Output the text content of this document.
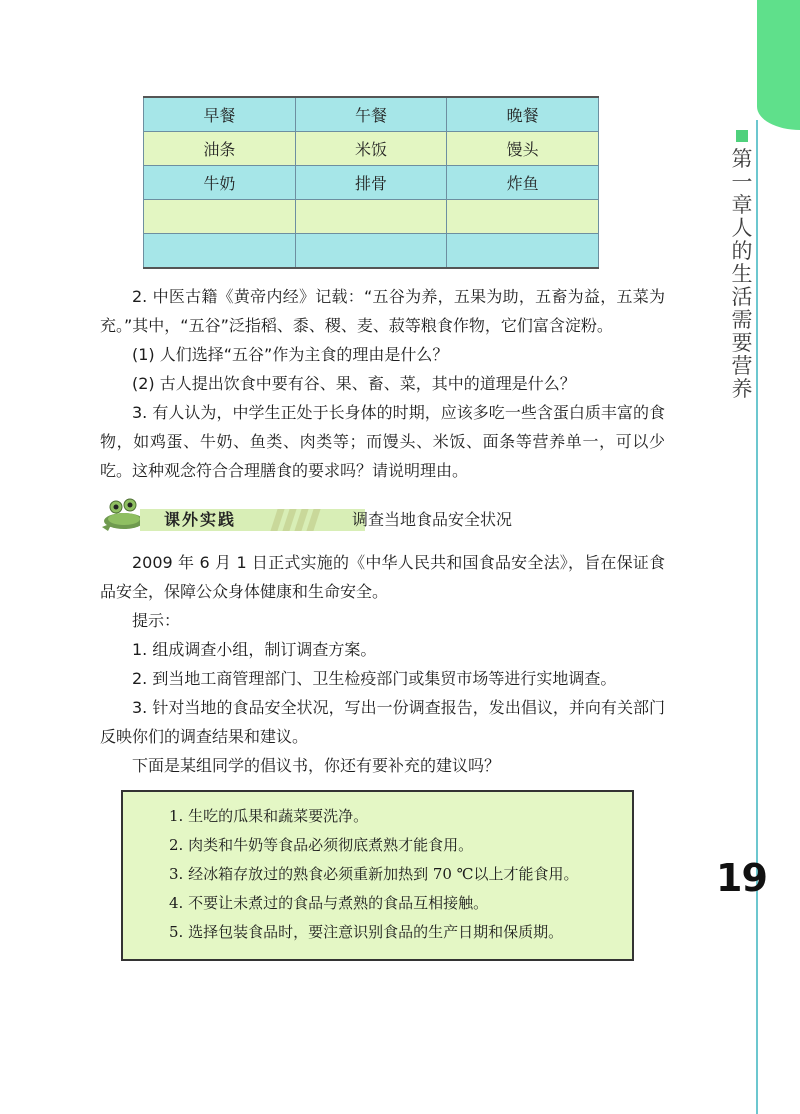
第一章 人的生活需要营养
19
早餐	午餐	晚餐
油条	米饭	馒头
牛奶	排骨	炸鱼

2. 中医古籍《黄帝内经》记载：“五谷为养，五果为助，五畜为益，五菜为充。”其中，“五谷”泛指稻、黍、稷、麦、菽等粮食作物，它们富含淀粉。
(1) 人们选择“五谷”作为主食的理由是什么？
(2) 古人提出饮食中要有谷、果、畜、菜，其中的道理是什么？
3. 有人认为，中学生正处于长身体的时期，应该多吃一些含蛋白质丰富的食物，如鸡蛋、牛奶、鱼类、肉类等；而馒头、米饭、面条等营养单一，可以少吃。这种观念符合合理膳食的要求吗？请说明理由。
课外实践	调查当地食品安全状况
2009 年 6 月 1 日正式实施的《中华人民共和国食品安全法》，旨在保证食品安全，保障公众身体健康和生命安全。
提示：
1. 组成调查小组，制订调查方案。
2. 到当地工商管理部门、卫生检疫部门或集贸市场等进行实地调查。
3. 针对当地的食品安全状况，写出一份调查报告，发出倡议，并向有关部门反映你们的调查结果和建议。
下面是某组同学的倡议书，你还有要补充的建议吗？
1. 生吃的瓜果和蔬菜要洗净。
2. 肉类和牛奶等食品必须彻底煮熟才能食用。
3. 经冰箱存放过的熟食必须重新加热到 70 ℃以上才能食用。
4. 不要让未煮过的食品与煮熟的食品互相接触。
5. 选择包装食品时，要注意识别食品的生产日期和保质期。
